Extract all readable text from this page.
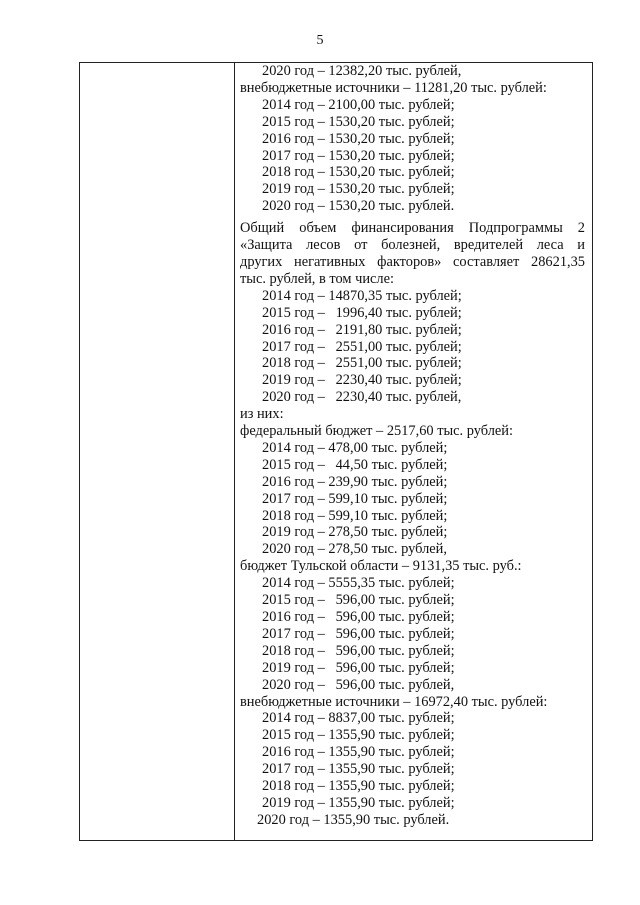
5
2020 год – 12382,20 тыс. рублей,
внебюджетные источники – 11281,20 тыс. рублей:
2014 год – 2100,00 тыс. рублей;
2015 год – 1530,20 тыс. рублей;
2016 год – 1530,20 тыс. рублей;
2017 год – 1530,20 тыс. рублей;
2018 год – 1530,20 тыс. рублей;
2019 год – 1530,20 тыс. рублей;
2020 год – 1530,20 тыс. рублей.
Общий объем финансирования Подпрограммы 2
«Защита лесов от болезней, вредителей леса и
других негативных факторов» составляет 28621,35
тыс. рублей, в том числе:
2014 год – 14870,35 тыс. рублей;
2015 год –   1996,40 тыс. рублей;
2016 год –   2191,80 тыс. рублей;
2017 год –   2551,00 тыс. рублей;
2018 год –   2551,00 тыс. рублей;
2019 год –   2230,40 тыс. рублей;
2020 год –   2230,40 тыс. рублей,
из них:
федеральный бюджет – 2517,60 тыс. рублей:
2014 год – 478,00 тыс. рублей;
2015 год –   44,50 тыс. рублей;
2016 год – 239,90 тыс. рублей;
2017 год – 599,10 тыс. рублей;
2018 год – 599,10 тыс. рублей;
2019 год – 278,50 тыс. рублей;
2020 год – 278,50 тыс. рублей,
бюджет Тульской области – 9131,35 тыс. руб.:
2014 год – 5555,35 тыс. рублей;
2015 год –   596,00 тыс. рублей;
2016 год –   596,00 тыс. рублей;
2017 год –   596,00 тыс. рублей;
2018 год –   596,00 тыс. рублей;
2019 год –   596,00 тыс. рублей;
2020 год –   596,00 тыс. рублей,
внебюджетные источники – 16972,40 тыс. рублей:
2014 год – 8837,00 тыс. рублей;
2015 год – 1355,90 тыс. рублей;
2016 год – 1355,90 тыс. рублей;
2017 год – 1355,90 тыс. рублей;
2018 год – 1355,90 тыс. рублей;
2019 год – 1355,90 тыс. рублей;
2020 год – 1355,90 тыс. рублей.
